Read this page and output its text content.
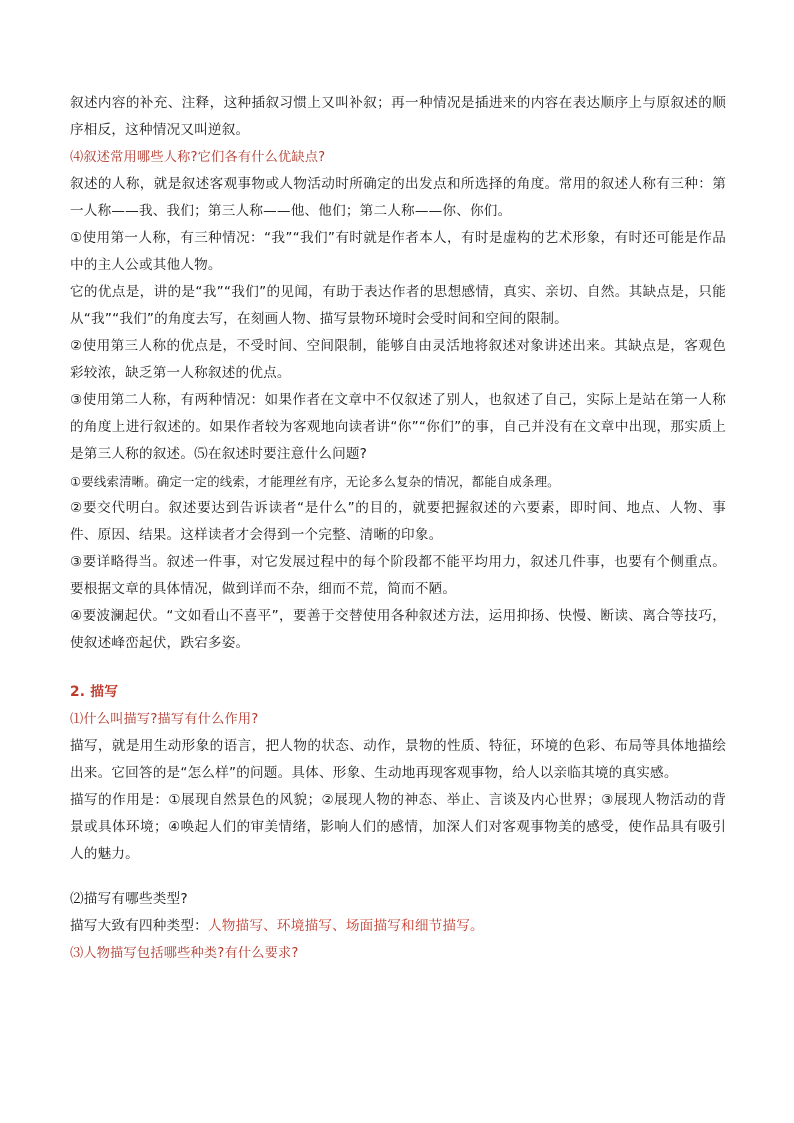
叙述内容的补充、注释，这种插叙习惯上又叫补叙；再一种情况是插进来的内容在表达顺序上与原叙述的顺序相反，这种情况又叫逆叙。

⑷叙述常用哪些人称?它们各有什么优缺点?

叙述的人称，就是叙述客观事物或人物活动时所确定的出发点和所选择的角度。常用的叙述人称有三种：第一人称——我、我们；第三人称——他、他们；第二人称——你、你们。

①使用第一人称，有三种情况：“我”“我们”有时就是作者本人，有时是虚构的艺术形象，有时还可能是作品中的主人公或其他人物。

它的优点是，讲的是“我”“我们”的见闻，有助于表达作者的思想感情，真实、亲切、自然。其缺点是，只能从“我”“我们”的角度去写，在刻画人物、描写景物环境时会受时间和空间的限制。

②使用第三人称的优点是，不受时间、空间限制，能够自由灵活地将叙述对象讲述出来。其缺点是，客观色彩较浓，缺乏第一人称叙述的优点。

③使用第二人称，有两种情况：如果作者在文章中不仅叙述了别人，也叙述了自己，实际上是站在第一人称的角度上进行叙述的。如果作者较为客观地向读者讲“你”“你们”的事，自己并没有在文章中出现，那实质上是第三人称的叙述。⑸在叙述时要注意什么问题?

①要线索清晰。确定一定的线索，才能理丝有序，无论多么复杂的情况，都能自成条理。

②要交代明白。叙述要达到告诉读者“是什么”的目的，就要把握叙述的六要素，即时间、地点、人物、事件、原因、结果。这样读者才会得到一个完整、清晰的印象。

③要详略得当。叙述一件事，对它发展过程中的每个阶段都不能平均用力，叙述几件事，也要有个侧重点。要根据文章的具体情况，做到详而不杂，细而不荒，简而不陋。

④要波澜起伏。“文如看山不喜平”，要善于交替使用各种叙述方法，运用抑扬、快慢、断读、离合等技巧，使叙述峰峦起伏，跌宕多姿。

2. 描写

⑴什么叫描写?描写有什么作用?

描写，就是用生动形象的语言，把人物的状态、动作，景物的性质、特征，环境的色彩、布局等具体地描绘出来。它回答的是“怎么样”的问题。具体、形象、生动地再现客观事物，给人以亲临其境的真实感。

描写的作用是：①展现自然景色的风貌；②展现人物的神态、举止、言谈及内心世界；③展现人物活动的背景或具体环境；④唤起人们的审美情绪，影响人们的感情，加深人们对客观事物美的感受，使作品具有吸引人的魅力。

⑵描写有哪些类型?

描写大致有四种类型：人物描写、环境描写、场面描写和细节描写。

⑶人物描写包括哪些种类?有什么要求?
